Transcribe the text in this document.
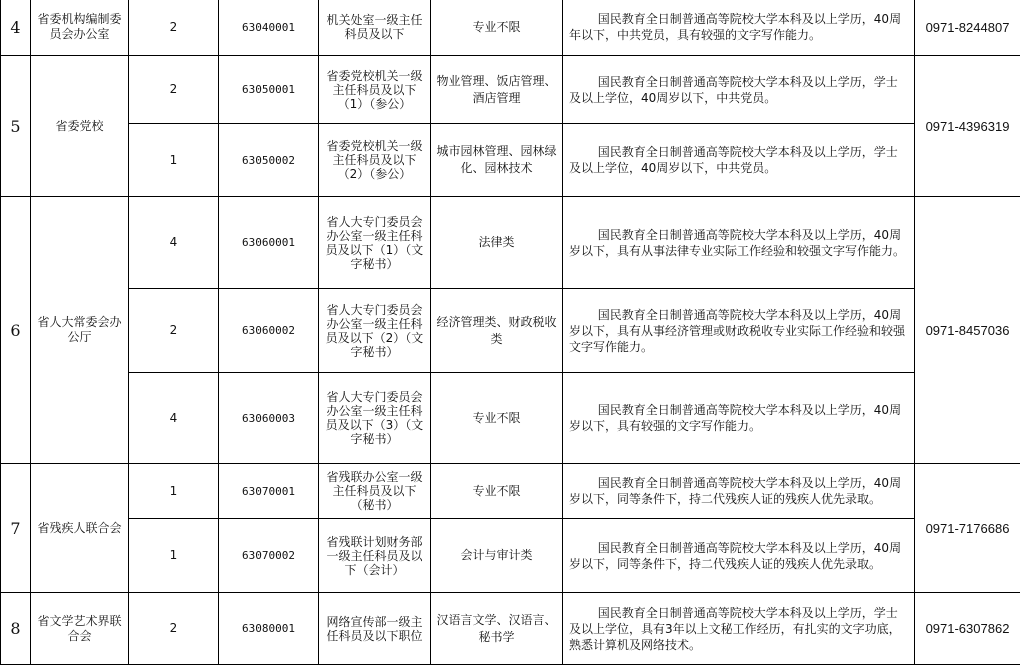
4	省委机构编制委员会办公室	2	63040001	机关处室一级主任科员及以下	专业不限	国民教育全日制普通高等院校大学本科及以上学历，40周年以下，中共党员，具有较强的文字写作能力。	0971-8244807
5	省委党校	2	63050001	省委党校机关一级主任科员及以下（1）（参公）	物业管理、饭店管理、酒店管理	国民教育全日制普通高等院校大学本科及以上学历，学士及以上学位，40周岁以下，中共党员。	0971-4396319
		1	63050002	省委党校机关一级主任科员及以下（2）（参公）	城市园林管理、园林绿化、园林技术	国民教育全日制普通高等院校大学本科及以上学历，学士及以上学位，40周岁以下，中共党员。	

6	省人大常委会办公厅	4	63060001	省人大专门委员会办公室一级主任科员及以下（1）（文字秘书）	法律类	国民教育全日制普通高等院校大学本科及以上学历，40周岁以下，具有从事法律专业实际工作经验和较强文字写作能力。	0971-8457036
		2	63060002	省人大专门委员会办公室一级主任科员及以下（2）（文字秘书）	经济管理类、财政税收类	国民教育全日制普通高等院校大学本科及以上学历，40周岁以下，具有从事经济管理或财政税收专业实际工作经验和较强文字写作能力。	

		4	63060003	省人大专门委员会办公室一级主任科员及以下（3）（文字秘书）	专业不限	国民教育全日制普通高等院校大学本科及以上学历，40周岁以下，具有较强的文字写作能力。	

7	省残疾人联合会	1	63070001	省残联办公室一级主任科员及以下（秘书）	专业不限	国民教育全日制普通高等院校大学本科及以上学历，40周岁以下，同等条件下，持二代残疾人证的残疾人优先录取。	0971-7176686
		1	63070002	省残联计划财务部一级主任科员及以下（会计）	会计与审计类	国民教育全日制普通高等院校大学本科及以上学历，40周岁以下，同等条件下，持二代残疾人证的残疾人优先录取。	

8	省文学艺术界联合会	2	63080001	网络宣传部一级主任科员及以下职位	汉语言文学、汉语言、秘书学	国民教育全日制普通高等院校大学本科及以上学历，学士及以上学位，具有3年以上文秘工作经历，有扎实的文字功底，熟悉计算机及网络技术。	0971-6307862
